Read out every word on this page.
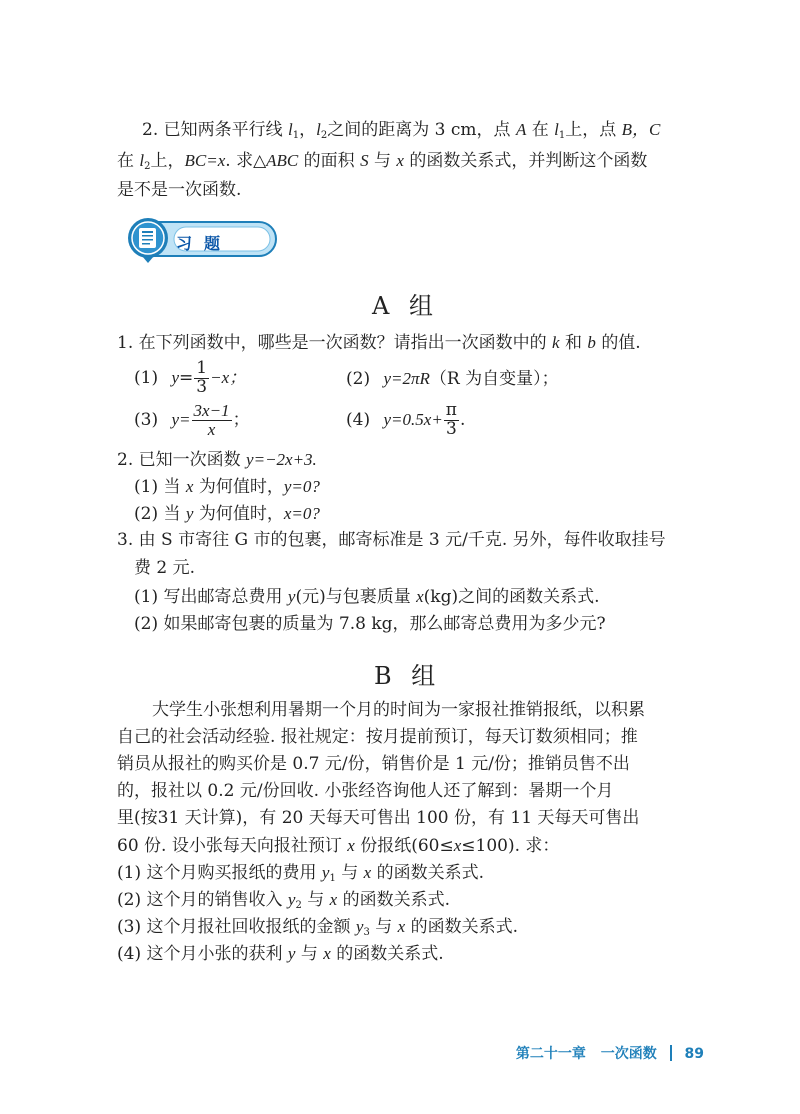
2. 已知两条平行线 $l_1$，$l_2$之间的距离为 3 cm，点 A 在 $l_1$上，点 B，C
在 $l_2$上，BC=x. 求△ABC 的面积 S 与 x 的函数关系式，并判断这个函数
是不是一次函数.
习题
A 组
1. 在下列函数中，哪些是一次函数？请指出一次函数中的 k 和 b 的值.
(1) $y= \frac{1}{3} -x$；	(2) y=2πR（R 为自变量）；
(3) $y= \frac{3x-1}{x}$ ；	(4) $y=0.5x+ \frac{\pi}{3}$ .
2. 已知一次函数 y=−2x+3.
(1) 当 x 为何值时，y=0?
(2) 当 y 为何值时，x=0?
3. 由 S 市寄往 G 市的包裹，邮寄标准是 3 元/千克. 另外，每件收取挂号
费 2 元.
(1) 写出邮寄总费用 y(元)与包裹质量 x(kg)之间的函数关系式.
(2) 如果邮寄包裹的质量为 7.8 kg，那么邮寄总费用为多少元?
B 组
大学生小张想利用暑期一个月的时间为一家报社推销报纸，以积累
自己的社会活动经验. 报社规定：按月提前预订，每天订数须相同；推
销员从报社的购买价是 0.7 元/份，销售价是 1 元/份；推销员售不出
的，报社以 0.2 元/份回收. 小张经咨询他人还了解到：暑期一个月
里(按31 天计算)，有 20 天每天可售出 100 份，有 11 天每天可售出
60 份. 设小张每天向报社预订 x 份报纸(60≤x≤100). 求：
(1) 这个月购买报纸的费用 $y_1$ 与 x 的函数关系式.
(2) 这个月的销售收入 $y_2$ 与 x 的函数关系式.
(3) 这个月报社回收报纸的金额 $y_3$ 与 x 的函数关系式.
(4) 这个月小张的获利 y 与 x 的函数关系式.
第二十一章 一次函数 89
